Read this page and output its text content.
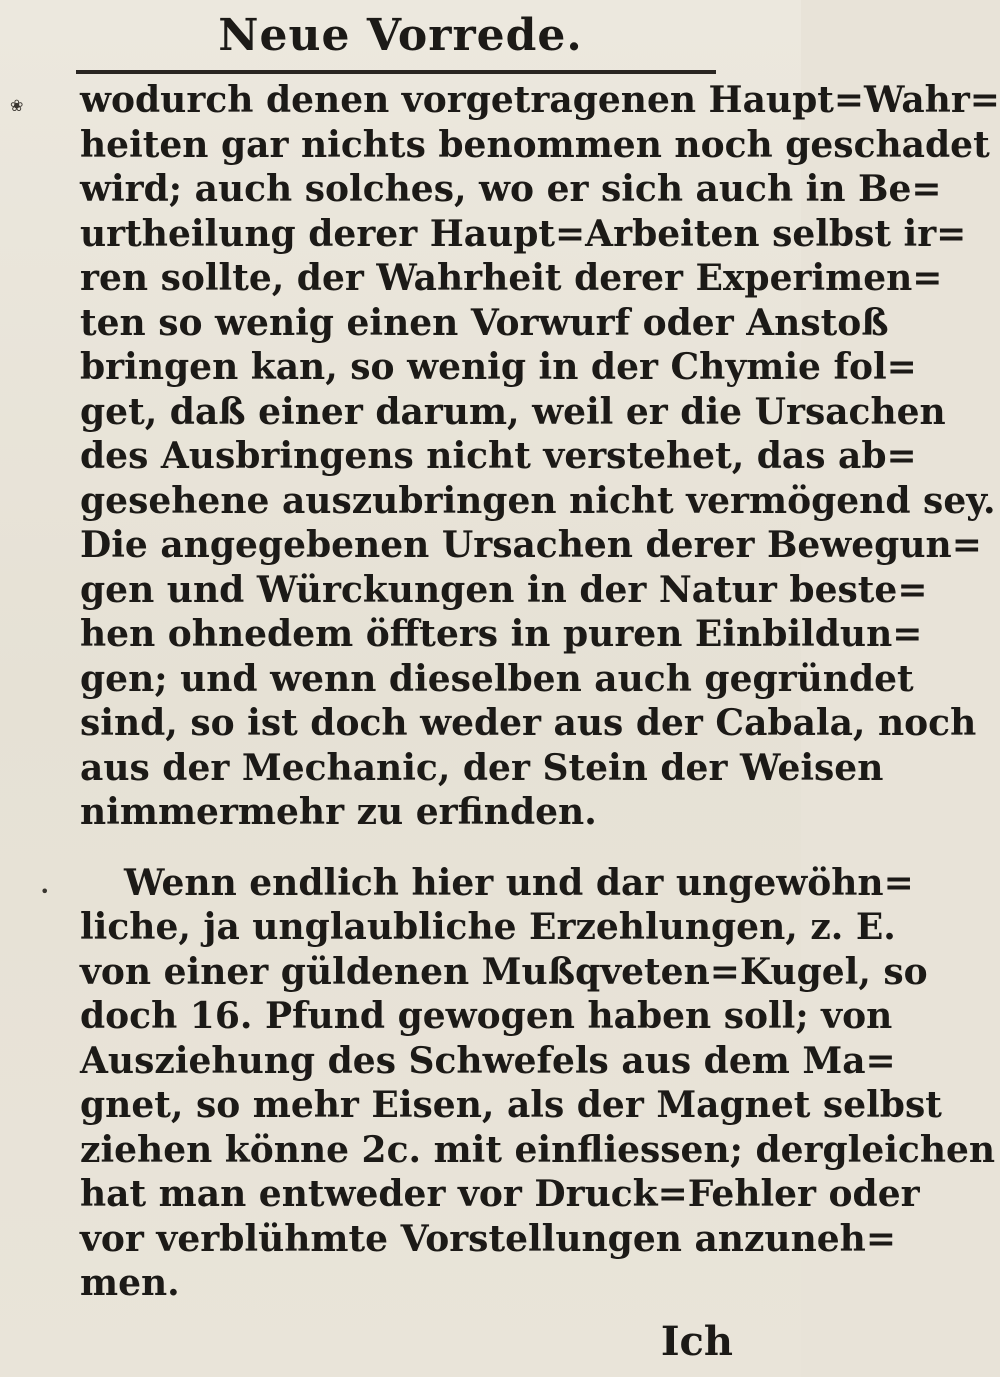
Neue Vorrede.
❀
•
wodurch denen vorgetragenen Haupt=Wahr=
heiten gar nichts benommen noch geschadet
wird; auch solches, wo er sich auch in Be=
urtheilung derer Haupt=Arbeiten selbst ir=
ren sollte, der Wahrheit derer Experimen=
ten so wenig einen Vorwurf oder Anstoß
bringen kan, so wenig in der Chymie fol=
get, daß einer darum, weil er die Ursachen
des Ausbringens nicht verstehet, das ab=
gesehene auszubringen nicht vermögend sey.
Die angegebenen Ursachen derer Bewegun=
gen und Würckungen in der Natur beste=
hen ohnedem öffters in puren Einbildun=
gen; und wenn dieselben auch gegründet
sind, so ist doch weder aus der Cabala, noch
aus der Mechanic, der Stein der Weisen
nimmermehr zu erfinden.
Wenn endlich hier und dar ungewöhn=
liche, ja unglaubliche Erzehlungen, z. E.
von einer güldenen Mußqveten=Kugel, so
doch 16. Pfund gewogen haben soll; von
Ausziehung des Schwefels aus dem Ma=
gnet, so mehr Eisen, als der Magnet selbst
ziehen könne 2c. mit einfliessen; dergleichen
hat man entweder vor Druck=Fehler oder
vor verblühmte Vorstellungen anzuneh=
men.
Ich
